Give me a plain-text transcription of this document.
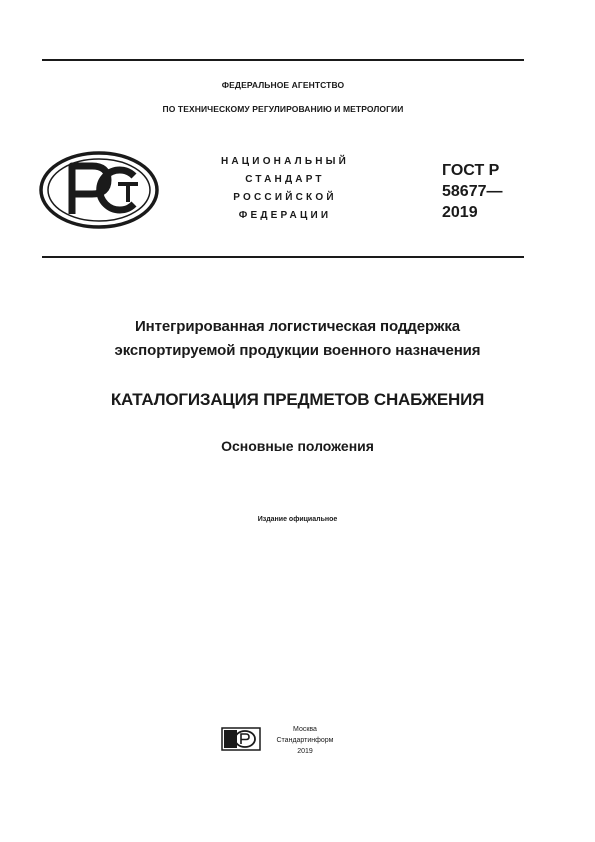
ФЕДЕРАЛЬНОЕ АГЕНТСТВО
ПО ТЕХНИЧЕСКОМУ РЕГУЛИРОВАНИЮ И МЕТРОЛОГИИ
НАЦИОНАЛЬНЫЙ
СТАНДАРТ
РОССИЙСКОЙ
ФЕДЕРАЦИИ
ГОСТ Р
58677—
2019
Интегрированная логистическая поддержка
экспортируемой продукции военного назначения
КАТАЛОГИЗАЦИЯ ПРЕДМЕТОВ СНАБЖЕНИЯ
Основные положения
Издание официальное
Москва
Стандартинформ
2019
